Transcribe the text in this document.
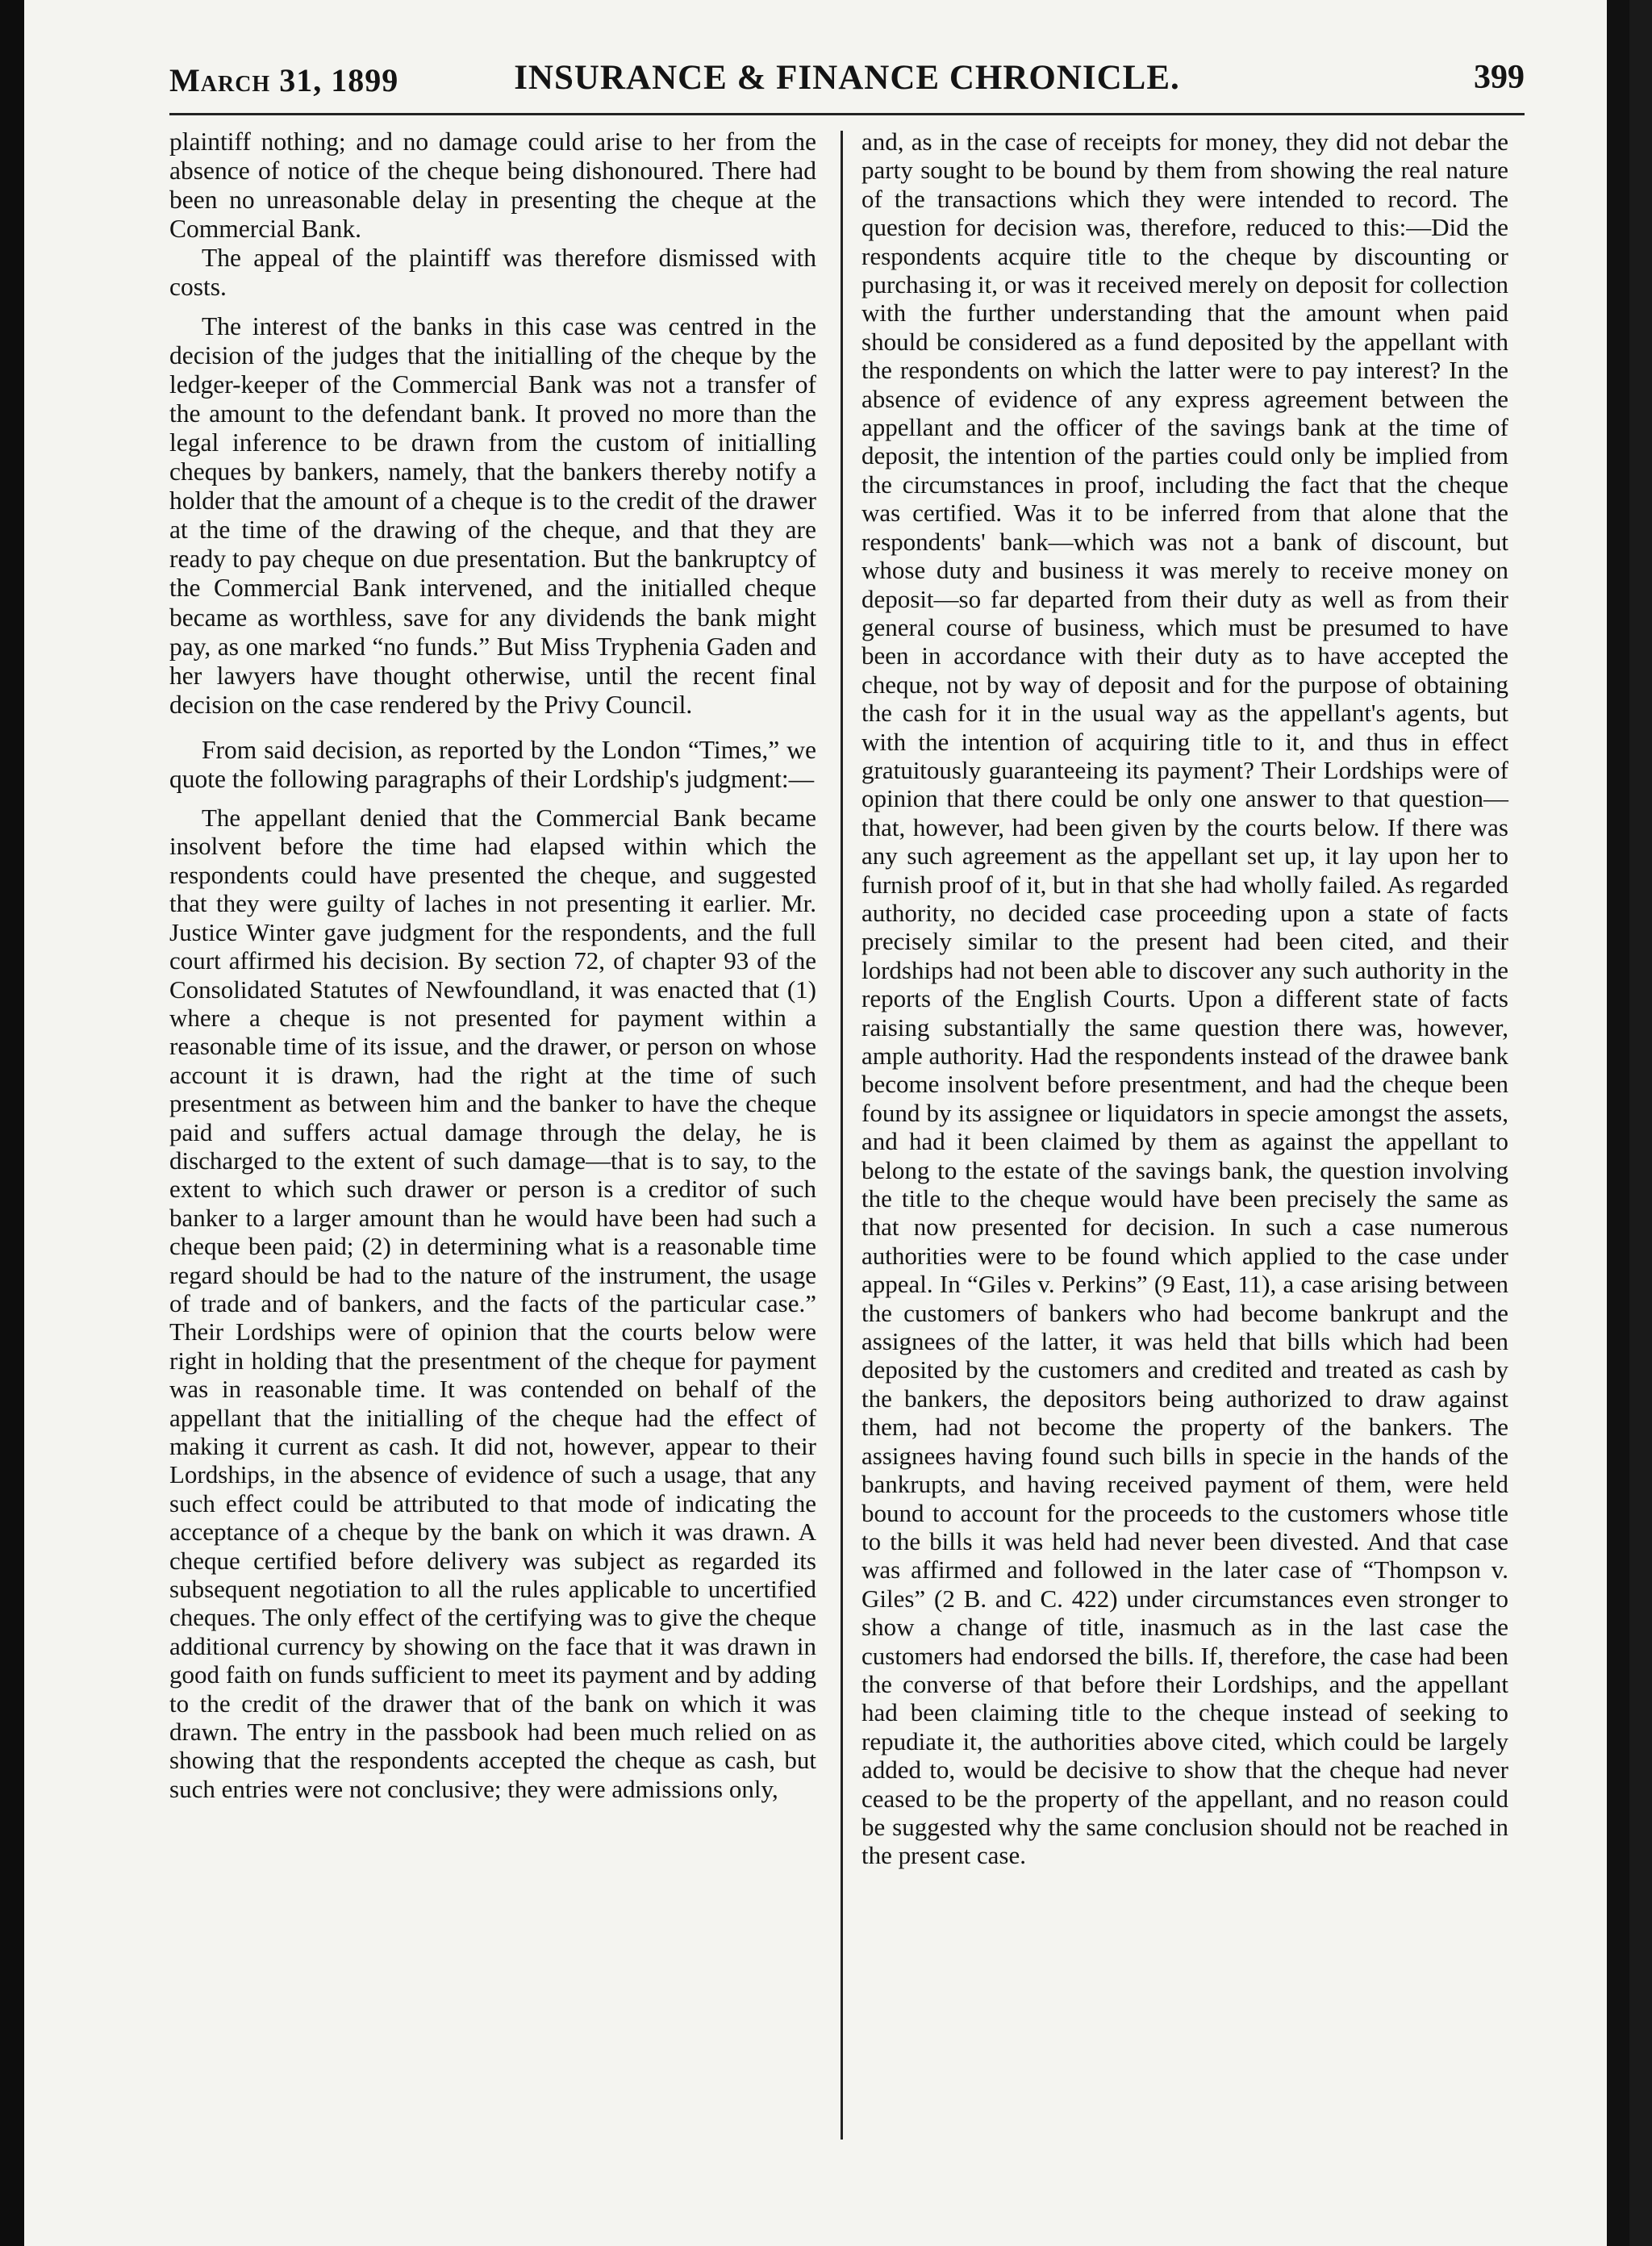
March 31, 1899	INSURANCE & FINANCE CHRONICLE.	399

plaintiff nothing; and no damage could arise to her from the absence of notice of the cheque being dishonoured. There had been no unreasonable delay in presenting the cheque at the Commercial Bank.

The appeal of the plaintiff was therefore dismissed with costs.

The interest of the banks in this case was centred in the decision of the judges that the initialling of the cheque by the ledger-keeper of the Commercial Bank was not a transfer of the amount to the defendant bank. It proved no more than the legal inference to be drawn from the custom of initialling cheques by bankers, namely, that the bankers thereby notify a holder that the amount of a cheque is to the credit of the drawer at the time of the drawing of the cheque, and that they are ready to pay cheque on due presentation. But the bankruptcy of the Commercial Bank intervened, and the initialled cheque became as worthless, save for any dividends the bank might pay, as one marked “no funds.” But Miss Tryphenia Gaden and her lawyers have thought otherwise, until the recent final decision on the case rendered by the Privy Council.

From said decision, as reported by the London “Times,” we quote the following paragraphs of their Lordship's judgment:—

The appellant denied that the Commercial Bank became insolvent before the time had elapsed within which the respondents could have presented the cheque, and suggested that they were guilty of laches in not presenting it earlier. Mr. Justice Winter gave judgment for the respondents, and the full court affirmed his decision. By section 72, of chapter 93 of the Consolidated Statutes of Newfoundland, it was enacted that (1) where a cheque is not presented for payment within a reasonable time of its issue, and the drawer, or person on whose account it is drawn, had the right at the time of such presentment as between him and the banker to have the cheque paid and suffers actual damage through the delay, he is discharged to the extent of such damage—that is to say, to the extent to which such drawer or person is a creditor of such banker to a larger amount than he would have been had such a cheque been paid; (2) in determining what is a reasonable time regard should be had to the nature of the instrument, the usage of trade and of bankers, and the facts of the particular case.” Their Lordships were of opinion that the courts below were right in holding that the presentment of the cheque for payment was in reasonable time. It was contended on behalf of the appellant that the initialling of the cheque had the effect of making it current as cash. It did not, however, appear to their Lordships, in the absence of evidence of such a usage, that any such effect could be attributed to that mode of indicating the acceptance of a cheque by the bank on which it was drawn. A cheque certified before delivery was subject as regarded its subsequent negotiation to all the rules applicable to uncertified cheques. The only effect of the certifying was to give the cheque additional currency by showing on the face that it was drawn in good faith on funds sufficient to meet its payment and by adding to the credit of the drawer that of the bank on which it was drawn. The entry in the passbook had been much relied on as showing that the respondents accepted the cheque as cash, but such entries were not conclusive; they were admissions only,

and, as in the case of receipts for money, they did not debar the party sought to be bound by them from showing the real nature of the transactions which they were intended to record. The question for decision was, therefore, reduced to this:—Did the respondents acquire title to the cheque by discounting or purchasing it, or was it received merely on deposit for collection with the further understanding that the amount when paid should be considered as a fund deposited by the appellant with the respondents on which the latter were to pay interest? In the absence of evidence of any express agreement between the appellant and the officer of the savings bank at the time of deposit, the intention of the parties could only be implied from the circumstances in proof, including the fact that the cheque was certified. Was it to be inferred from that alone that the respondents' bank—which was not a bank of discount, but whose duty and business it was merely to receive money on deposit—so far departed from their duty as well as from their general course of business, which must be presumed to have been in accordance with their duty as to have accepted the cheque, not by way of deposit and for the purpose of obtaining the cash for it in the usual way as the appellant's agents, but with the intention of acquiring title to it, and thus in effect gratuitously guaranteeing its payment? Their Lordships were of opinion that there could be only one answer to that question—that, however, had been given by the courts below. If there was any such agreement as the appellant set up, it lay upon her to furnish proof of it, but in that she had wholly failed. As regarded authority, no decided case proceeding upon a state of facts precisely similar to the present had been cited, and their lordships had not been able to discover any such authority in the reports of the English Courts. Upon a different state of facts raising substantially the same question there was, however, ample authority. Had the respondents instead of the drawee bank become insolvent before presentment, and had the cheque been found by its assignee or liquidators in specie amongst the assets, and had it been claimed by them as against the appellant to belong to the estate of the savings bank, the question involving the title to the cheque would have been precisely the same as that now presented for decision. In such a case numerous authorities were to be found which applied to the case under appeal. In “Giles v. Perkins” (9 East, 11), a case arising between the customers of bankers who had become bankrupt and the assignees of the latter, it was held that bills which had been deposited by the customers and credited and treated as cash by the bankers, the depositors being authorized to draw against them, had not become the property of the bankers. The assignees having found such bills in specie in the hands of the bankrupts, and having received payment of them, were held bound to account for the proceeds to the customers whose title to the bills it was held had never been divested. And that case was affirmed and followed in the later case of “Thompson v. Giles” (2 B. and C. 422) under circumstances even stronger to show a change of title, inasmuch as in the last case the customers had endorsed the bills. If, therefore, the case had been the converse of that before their Lordships, and the appellant had been claiming title to the cheque instead of seeking to repudiate it, the authorities above cited, which could be largely added to, would be decisive to show that the cheque had never ceased to be the property of the appellant, and no reason could be suggested why the same conclusion should not be reached in the present case.
